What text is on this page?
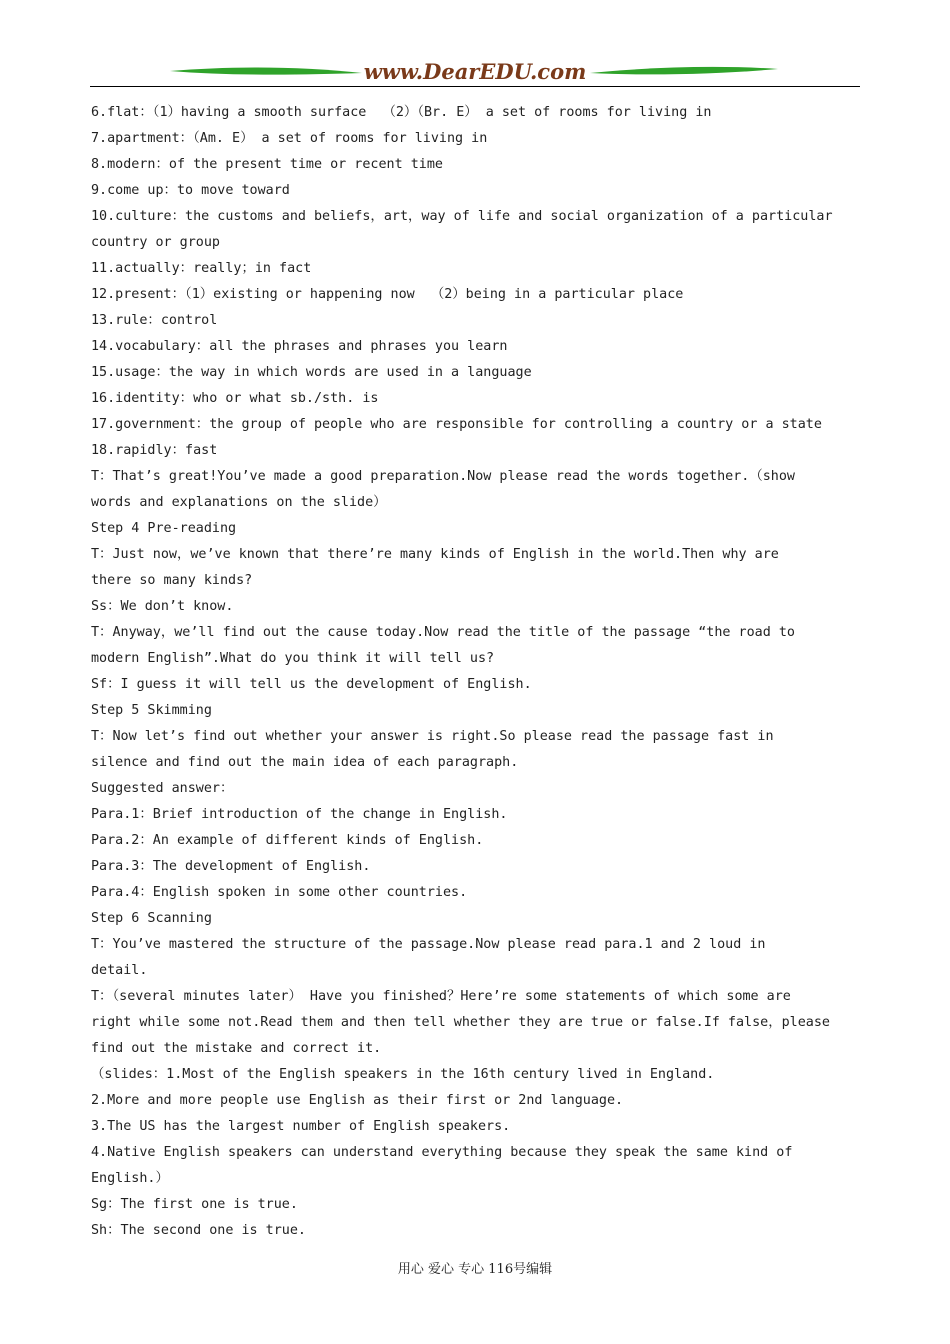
www.DearEDU.com
6.flat：（1）having a smooth surface  （2）（Br. E） a set of rooms for living in
7.apartment：（Am. E） a set of rooms for living in
8.modern：of the present time or recent time
9.come up：to move toward
10.culture：the customs and beliefs，art，way of life and social organization of a particular
country or group
11.actually：really；in fact
12.present：（1）existing or happening now  （2）being in a particular place
13.rule：control
14.vocabulary：all the phrases and phrases you learn
15.usage：the way in which words are used in a language
16.identity：who or what sb./sth. is
17.government：the group of people who are responsible for controlling a country or a state
18.rapidly：fast
T：That’s great!You’ve made a good preparation.Now please read the words together.（show
words and explanations on the slide）
Step 4 Pre-reading
T：Just now，we’ve known that there’re many kinds of English in the world.Then why are
there so many kinds?
Ss：We don’t know.
T：Anyway，we’ll find out the cause today.Now read the title of the passage “the road to
modern English”.What do you think it will tell us?
Sf：I guess it will tell us the development of English.
Step 5 Skimming
T：Now let’s find out whether your answer is right.So please read the passage fast in
silence and find out the main idea of each paragraph.
Suggested answer：
Para.1：Brief introduction of the change in English.
Para.2：An example of different kinds of English.
Para.3：The development of English.
Para.4：English spoken in some other countries.
Step 6 Scanning
T：You’ve mastered the structure of the passage.Now please read para.1 and 2 loud in
detail.
T：（several minutes later） Have you finished？Here’re some statements of which some are
right while some not.Read them and then tell whether they are true or false.If false，please
find out the mistake and correct it.
（slides：1.Most of the English speakers in the 16th century lived in England.
2.More and more people use English as their first or 2nd language.
3.The US has the largest number of English speakers.
4.Native English speakers can understand everything because they speak the same kind of
English.）
Sg：The first one is true.
Sh：The second one is true.
用心 爱心 专心 116号编辑
